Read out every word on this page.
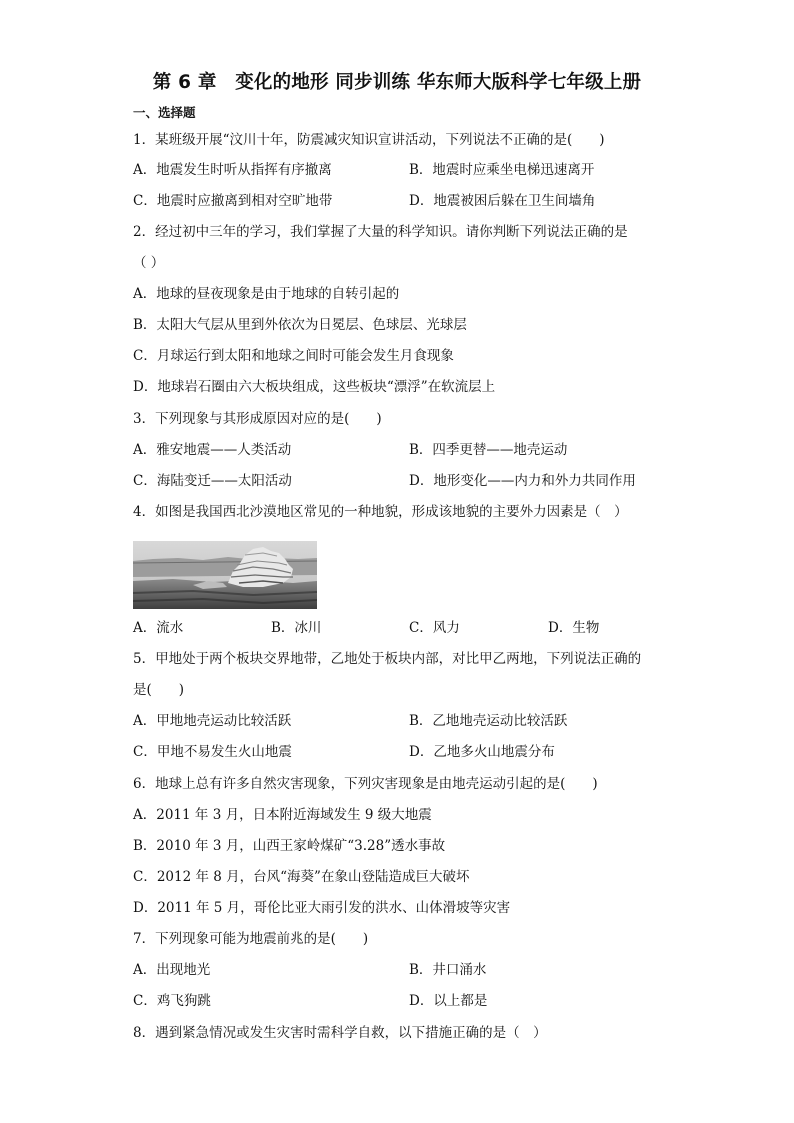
第 6 章　变化的地形 同步训练 华东师大版科学七年级上册
一、选择题
1．某班级开展“汶川十年，防震减灾知识宣讲活动，下列说法不正确的是(　　)
A．地震发生时听从指挥有序撤离	B．地震时应乘坐电梯迅速离开
C．地震时应撤离到相对空旷地带	D．地震被困后躲在卫生间墙角
2．经过初中三年的学习，我们掌握了大量的科学知识。请你判断下列说法正确的是
（ ）
A．地球的昼夜现象是由于地球的自转引起的
B．太阳大气层从里到外依次为日冕层、色球层、光球层
C．月球运行到太阳和地球之间时可能会发生月食现象
D．地球岩石圈由六大板块组成，这些板块“漂浮”在软流层上
3．下列现象与其形成原因对应的是(　　)
A．雅安地震——人类活动	B．四季更替——地壳运动
C．海陆变迁——太阳活动	D．地形变化——内力和外力共同作用
4．如图是我国西北沙漠地区常见的一种地貌，形成该地貌的主要外力因素是（　）
A．流水	B．冰川	C．风力	D．生物
5．甲地处于两个板块交界地带，乙地处于板块内部，对比甲乙两地，下列说法正确的
是(　　)
A．甲地地壳运动比较活跃	B．乙地地壳运动比较活跃
C．甲地不易发生火山地震	D．乙地多火山地震分布
6．地球上总有许多自然灾害现象，下列灾害现象是由地壳运动引起的是(　　)
A．2011 年 3 月，日本附近海域发生 9 级大地震
B．2010 年 3 月，山西王家岭煤矿“3.28”透水事故
C．2012 年 8 月，台风“海葵”在象山登陆造成巨大破坏
D．2011 年 5 月，哥伦比亚大雨引发的洪水、山体滑坡等灾害
7．下列现象可能为地震前兆的是(　　)
A．出现地光	B．井口涌水
C．鸡飞狗跳	D．以上都是
8．遇到紧急情况或发生灾害时需科学自救，以下措施正确的是（　）
